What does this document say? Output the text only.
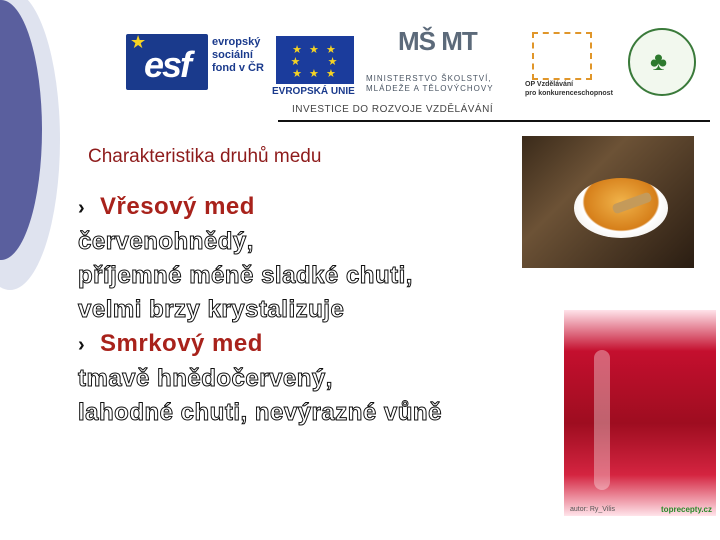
★
esf
evropský
sociální
fond v ČR
★ ★ ★
★     ★
★ ★ ★
EVROPSKÁ UNIE
MŠ MT
MINISTERSTVO ŠKOLSTVÍ,
MLÁDEŽE A TĚLOVÝCHOVY	OP Vzdělávání
pro konkurenceschopnost
♣
INVESTICE DO ROZVOJE VZDĚLÁVÁNÍ
Charakteristika druhů medu
› Vřesový med
červenohnědý,
příjemné méně sladké chuti,
velmi brzy krystalizuje
› Smrkový med
tmavě hnědočervený,
lahodné chuti, nevýrazné vůně
autor: Ry_Vilis	toprecepty.cz
